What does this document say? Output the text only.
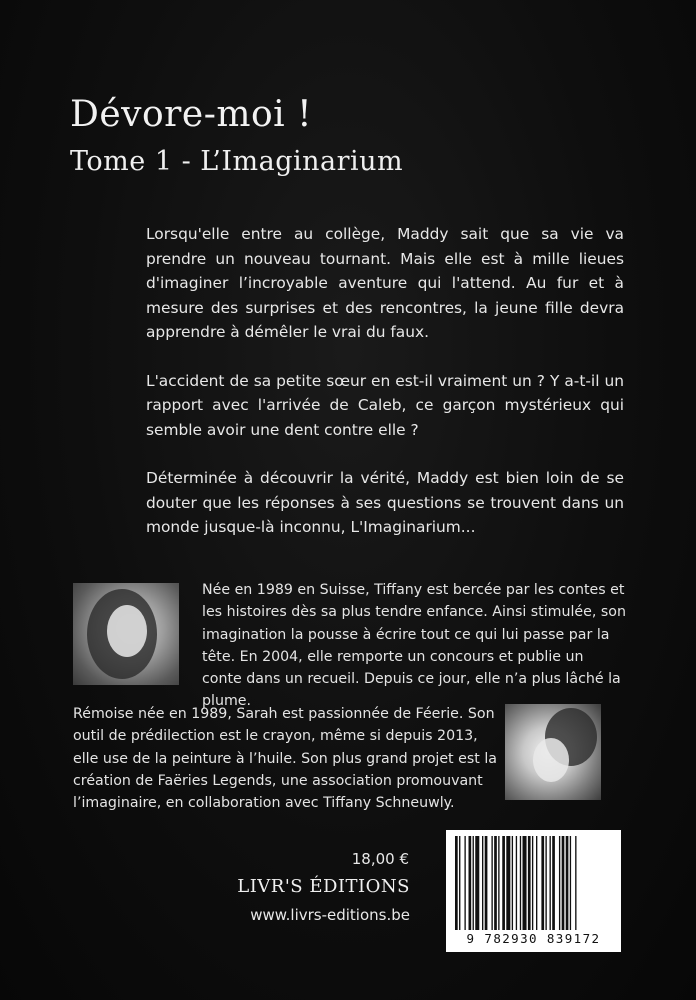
Dévore-moi !
Tome 1 - L’Imaginarium

Lorsqu'elle entre au collège, Maddy sait que sa vie va prendre un nouveau tournant. Mais elle est à mille lieues d'imaginer l’incroyable aventure qui l'attend. Au fur et à mesure des surprises et des rencontres, la jeune fille devra apprendre à démêler le vrai du faux.

L'accident de sa petite sœur en est-il vraiment un ? Y a-t-il un rapport avec l'arrivée de Caleb, ce garçon mystérieux qui semble avoir une dent contre elle ?

Déterminée à découvrir la vérité, Maddy est bien loin de se douter que les réponses à ses questions se trouvent dans un monde jusque-là inconnu, L'Imaginarium...

Née en 1989 en Suisse, Tiffany est bercée par les contes et les histoires dès sa plus tendre enfance. Ainsi stimulée, son imagination la pousse à écrire tout ce qui lui passe par la tête. En 2004, elle remporte un concours et publie un conte dans un recueil. Depuis ce jour, elle n’a plus lâché la plume.

Rémoise née en 1989, Sarah est passionnée de Féerie. Son outil de prédilection est le crayon, même si depuis 2013, elle use de la peinture à l’huile. Son plus grand projet est la création de Faëries Legends, une association promouvant l’imaginaire, en collaboration avec Tiffany Schneuwly.

18,00 €
LIVR'S ÉDITIONS
www.livrs-editions.be
9 782930 839172
